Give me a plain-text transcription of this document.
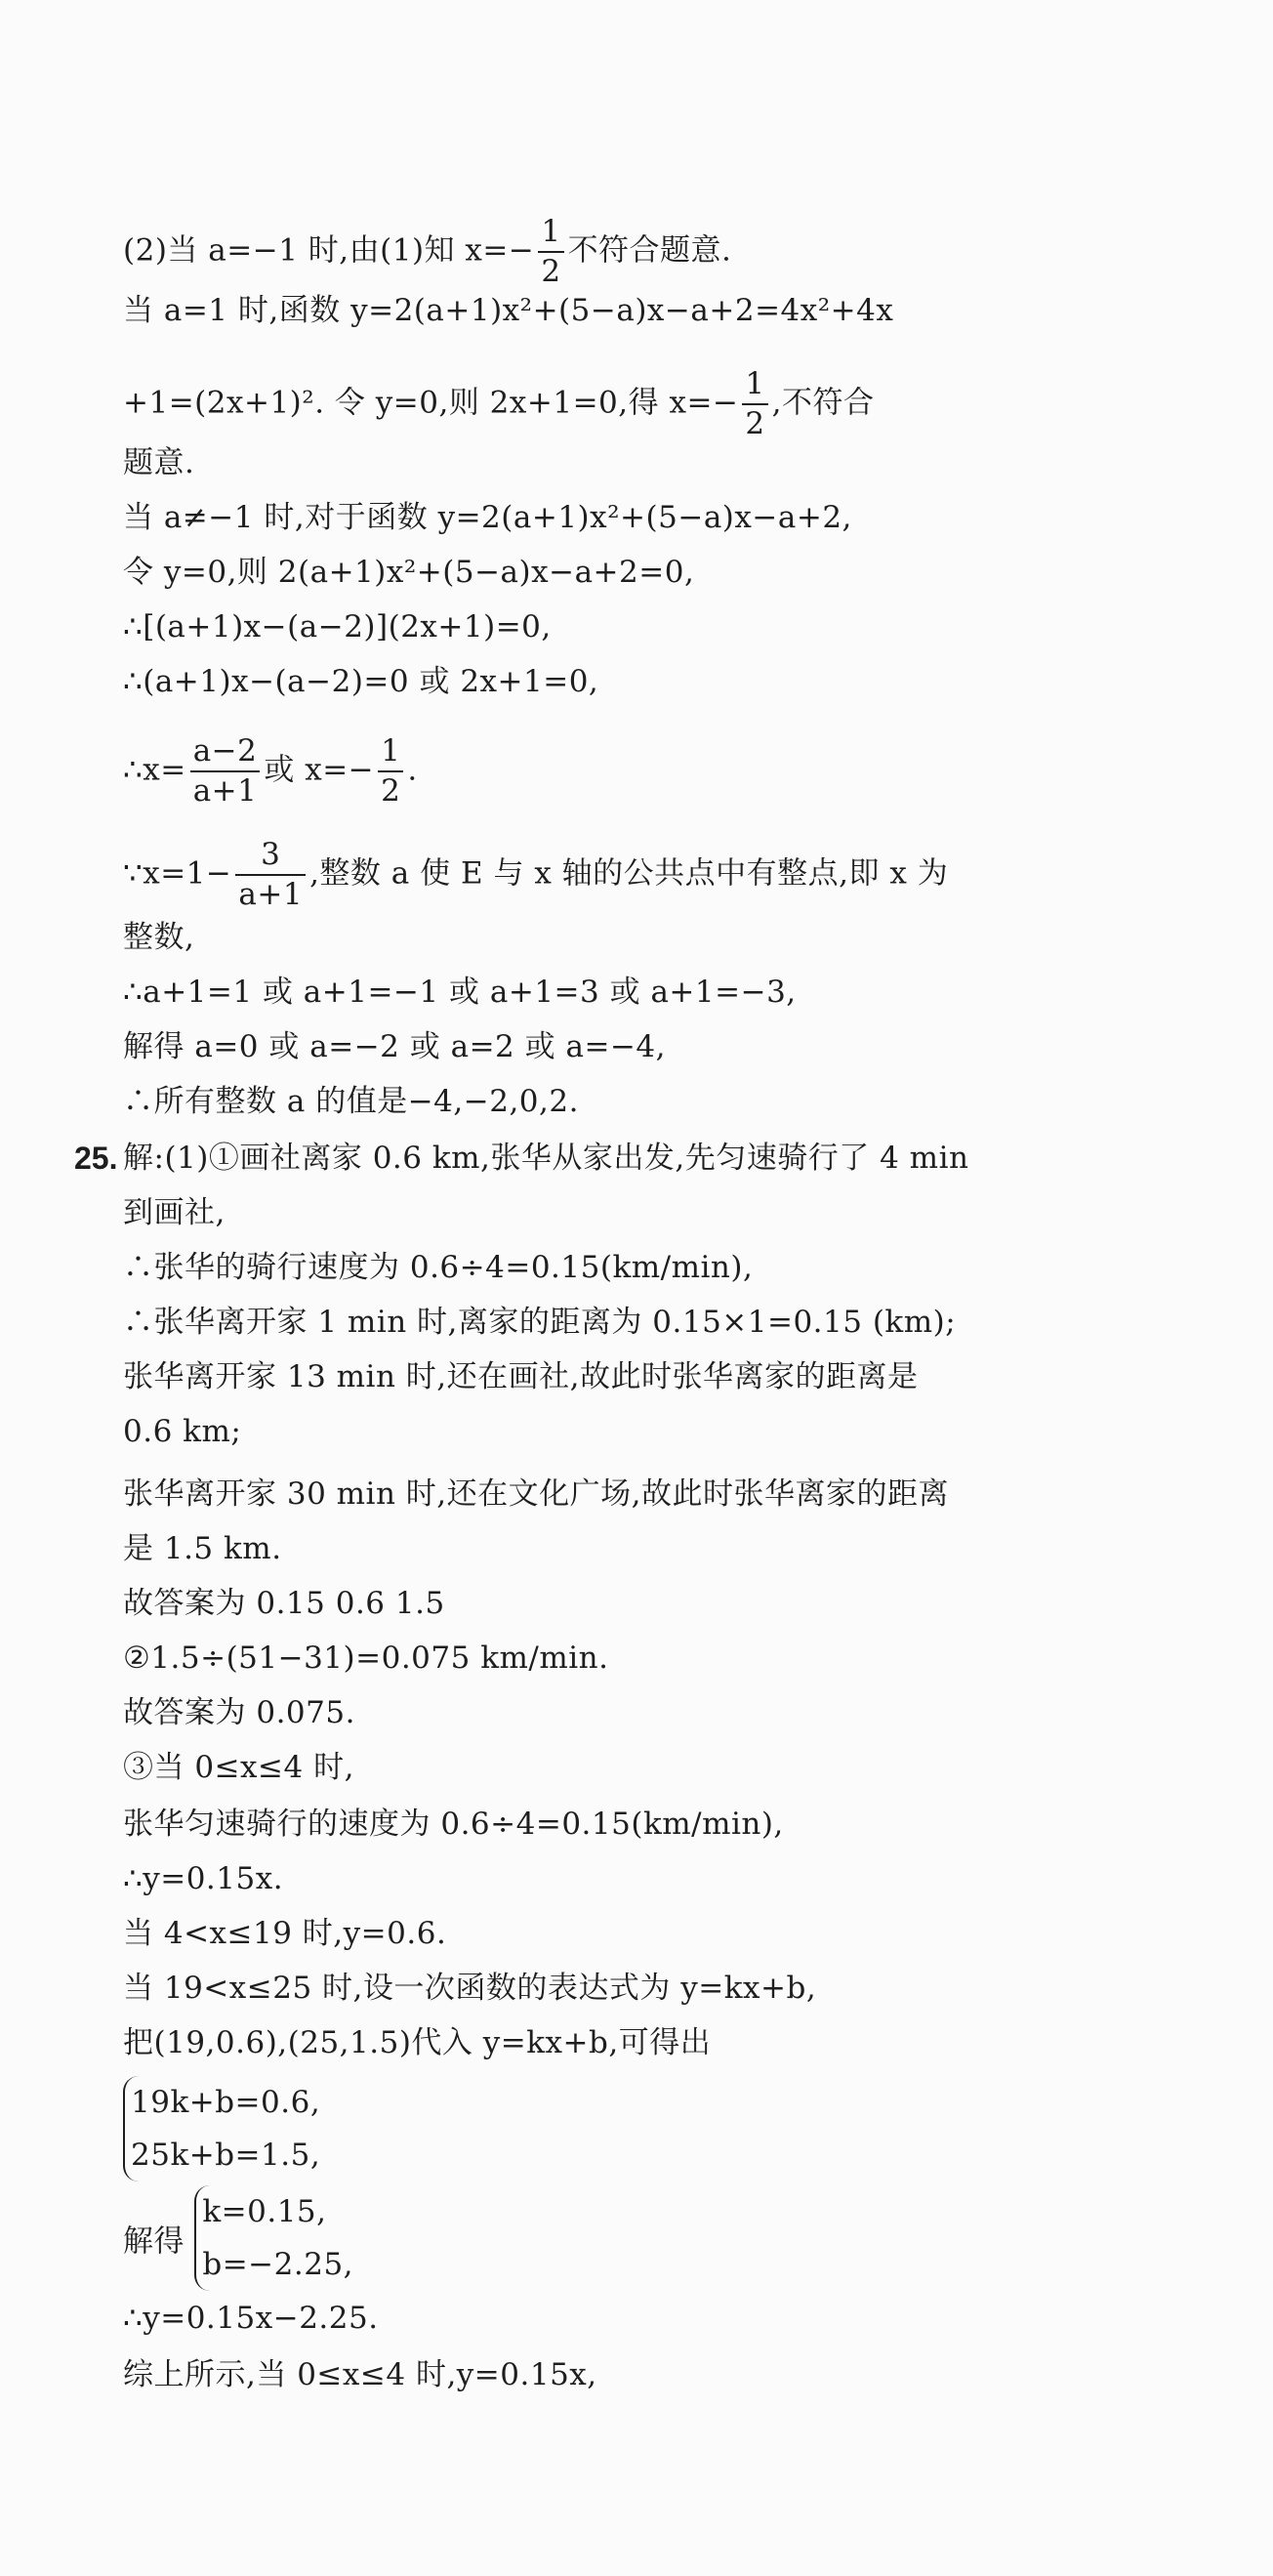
(2)当 a=−1 时,由(1)知 $x=- \frac{1}{2}$ 不符合题意.
当 a=1 时,函数 y=2(a+1)x²+(5−a)x−a+2=4x²+4x
+1=(2x+1)². 令 y=0,则 2x+1=0,得 $x=- \frac{1}{2}$ ,不符合
题意.
当 a≠−1 时,对于函数 y=2(a+1)x²+(5−a)x−a+2,
令 y=0,则 2(a+1)x²+(5−a)x−a+2=0,
∴[(a+1)x−(a−2)](2x+1)=0,
∴(a+1)x−(a−2)=0 或 2x+1=0,
∴x= $\frac{a-2}{a+1}$ 或 $x=- \frac{1}{2}$ .
∵x=1− $\frac{3}{a+1}$ ,整数 a 使 E 与 x 轴的公共点中有整点,即 x 为
整数,
∴a+1=1 或 a+1=−1 或 a+1=3 或 a+1=−3,
解得 a=0 或 a=−2 或 a=2 或 a=−4,
∴所有整数 a 的值是−4,−2,0,2.
25. 解:(1)①画社离家 0.6 km,张华从家出发,先匀速骑行了 4 min
到画社,
∴张华的骑行速度为 0.6÷4=0.15(km/min),
∴张华离开家 1 min 时,离家的距离为 0.15×1=0.15 (km);
张华离开家 13 min 时,还在画社,故此时张华离家的距离是
0.6 km;
张华离开家 30 min 时,还在文化广场,故此时张华离家的距离
是 1.5 km.
故答案为 0.15 0.6 1.5
②1.5÷(51−31)=0.075 km/min.
故答案为 0.075.
③当 0≤x≤4 时,
张华匀速骑行的速度为 0.6÷4=0.15(km/min),
∴y=0.15x.
当 4<x≤19 时,y=0.6.
当 19<x≤25 时,设一次函数的表达式为 y=kx+b,
把(19,0.6),(25,1.5)代入 y=kx+b,可得出
19k+b=0.6,
25k+b=1.5,
解得
k=0.15,
b=−2.25,
∴y=0.15x−2.25.
综上所示,当 0≤x≤4 时,y=0.15x,
